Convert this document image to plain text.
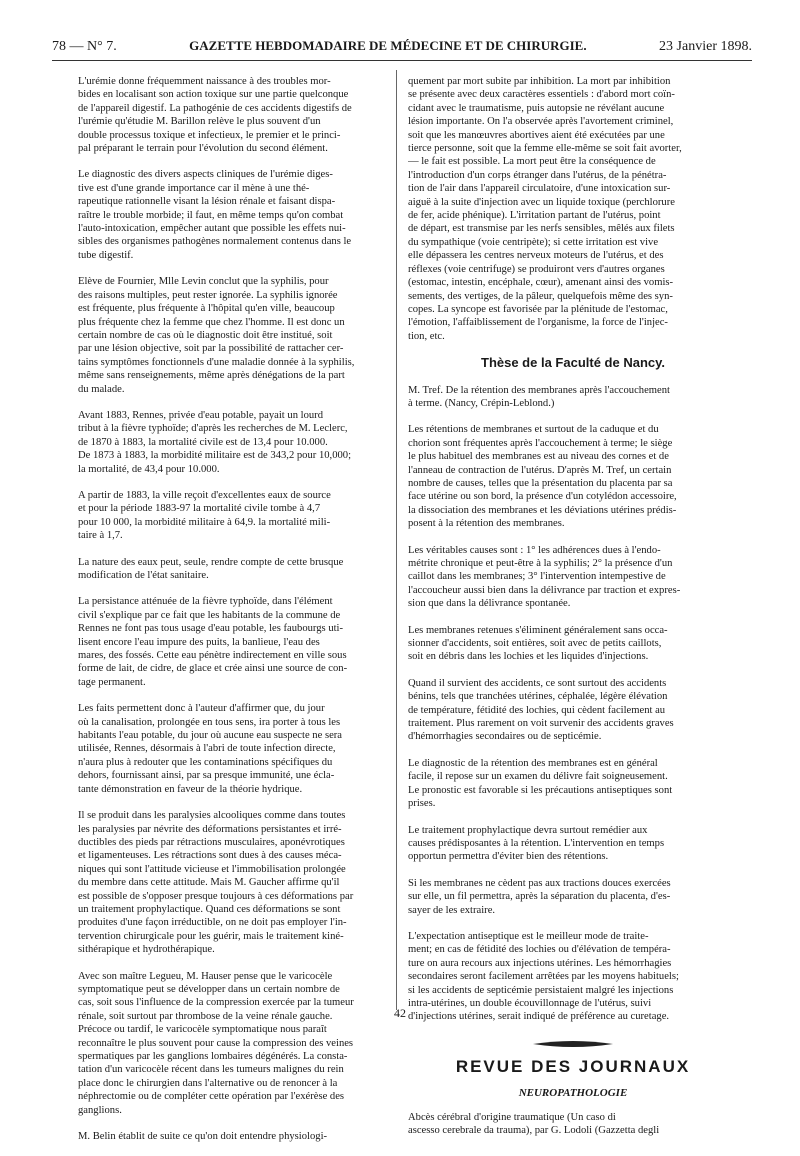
78 — N° 7.	GAZETTE HEBDOMADAIRE DE MÉDECINE ET DE CHIRURGIE.	23 Janvier 1898.
L'urémie donne fréquemment naissance à des troubles mor-
bides en localisant son action toxique sur une partie quelconque
de l'appareil digestif. La pathogénie de ces accidents digestifs de
l'urémie qu'étudie M. Barillon relève le plus souvent d'un
double processus toxique et infectieux, le premier et le princi-
pal préparant le terrain pour l'évolution du second élément.
Le diagnostic des divers aspects cliniques de l'urémie diges-
tive est d'une grande importance car il mène à une thé-
rapeutique rationnelle visant la lésion rénale et faisant dispa-
raître le trouble morbide; il faut, en même temps qu'on combat
l'auto-intoxication, empêcher autant que possible les effets nui-
sibles des organismes pathogènes normalement contenus dans le
tube digestif.
Elève de Fournier, Mlle Levin conclut que la syphilis, pour
des raisons multiples, peut rester ignorée. La syphilis ignorée
est fréquente, plus fréquente à l'hôpital qu'en ville, beaucoup
plus fréquente chez la femme que chez l'homme. Il est donc un
certain nombre de cas où le diagnostic doit être institué, soit
par une lésion objective, soit par la possibilité de rattacher cer-
tains symptômes fonctionnels d'une maladie donnée à la syphilis,
même sans renseignements, même après dénégations de la part
du malade.
Avant 1883, Rennes, privée d'eau potable, payait un lourd
tribut à la fièvre typhoïde; d'après les recherches de M. Leclerc,
de 1870 à 1883, la mortalité civile est de 13,4 pour 10.000.
De 1873 à 1883, la morbidité militaire est de 343,2 pour 10,000;
la mortalité, de 43,4 pour 10.000.
A partir de 1883, la ville reçoit d'excellentes eaux de source
et pour la période 1883-97 la mortalité civile tombe à 4,7
pour 10 000, la morbidité militaire à 64,9. la mortalité mili-
taire à 1,7.
La nature des eaux peut, seule, rendre compte de cette brusque
modification de l'état sanitaire.
La persistance atténuée de la fièvre typhoïde, dans l'élément
civil s'explique par ce fait que les habitants de la commune de
Rennes ne font pas tous usage d'eau potable, les faubourgs uti-
lisent encore l'eau impure des puits, la banlieue, l'eau des
mares, des fossés. Cette eau pénètre indirectement en ville sous
forme de lait, de cidre, de glace et crée ainsi une source de con-
tage permanent.
Les faits permettent donc à l'auteur d'affirmer que, du jour
où la canalisation, prolongée en tous sens, ira porter à tous les
habitants l'eau potable, du jour où aucune eau suspecte ne sera
utilisée, Rennes, désormais à l'abri de toute infection directe,
n'aura plus à redouter que les contaminations spécifiques du
dehors, fournissant ainsi, par sa presque immunité, une écla-
tante démonstration en faveur de la théorie hydrique.
Il se produit dans les paralysies alcooliques comme dans toutes
les paralysies par névrite des déformations persistantes et irré-
ductibles des pieds par rétractions musculaires, aponévrotiques
et ligamenteuses. Les rétractions sont dues à des causes méca-
niques qui sont l'attitude vicieuse et l'immobilisation prolongée
du membre dans cette attitude. Mais M. Gaucher affirme qu'il
est possible de s'opposer presque toujours à ces déformations par
un traitement prophylactique. Quand ces déformations se sont
produites d'une façon irréductible, on ne doit pas employer l'in-
tervention chirurgicale pour les guérir, mais le traitement kiné-
sithérapique et hydrothérapique.
Avec son maître Legueu, M. Hauser pense que le varicocèle
symptomatique peut se développer dans un certain nombre de
cas, soit sous l'influence de la compression exercée par la tumeur
rénale, soit surtout par thrombose de la veine rénale gauche.
Précoce ou tardif, le varicocèle symptomatique nous paraît
reconnaître le plus souvent pour cause la compression des veines
spermatiques par les ganglions lombaires dégénérés. La consta-
tation d'un varicocèle récent dans les tumeurs malignes du rein
place donc le chirurgien dans l'alternative ou de renoncer à la
néphrectomie ou de compléter cette opération par l'exérèse des
ganglions.
M. Belin établit de suite ce qu'on doit entendre physiologi-
quement par mort subite par inhibition. La mort par inhibition
se présente avec deux caractères essentiels : d'abord mort coïn-
cidant avec le traumatisme, puis autopsie ne révélant aucune
lésion importante. On l'a observée après l'avortement criminel,
soit que les manœuvres abortives aient été exécutées par une
tierce personne, soit que la femme elle-même se soit fait avorter,
— le fait est possible. La mort peut être la conséquence de
l'introduction d'un corps étranger dans l'utérus, de la pénétra-
tion de l'air dans l'appareil circulatoire, d'une intoxication sur-
aiguë à la suite d'injection avec un liquide toxique (perchlorure
de fer, acide phénique). L'irritation partant de l'utérus, point
de départ, est transmise par les nerfs sensibles, mêlés aux filets
du sympathique (voie centripète); si cette irritation est vive
elle dépassera les centres nerveux moteurs de l'utérus, et des
réflexes (voie centrifuge) se produiront vers d'autres organes
(estomac, intestin, encéphale, cœur), amenant ainsi des vomis-
sements, des vertiges, de la pâleur, quelquefois même des syn-
copes. La syncope est favorisée par la plénitude de l'estomac,
l'émotion, l'affaiblissement de l'organisme, la force de l'injec-
tion, etc.
Thèse de la Faculté de Nancy.
M. Tref. De la rétention des membranes après l'accouchement
à terme. (Nancy, Crépin-Leblond.)
Les rétentions de membranes et surtout de la caduque et du
chorion sont fréquentes après l'accouchement à terme; le siège
le plus habituel des membranes est au niveau des cornes et de
l'anneau de contraction de l'utérus. D'après M. Tref, un certain
nombre de causes, telles que la présentation du placenta par sa
face utérine ou son bord, la présence d'un cotylédon accessoire,
la dissociation des membranes et les déviations utérines prédis-
posent à la rétention des membranes.
Les véritables causes sont : 1° les adhérences dues à l'endo-
métrite chronique et peut-être à la syphilis; 2° la présence d'un
caillot dans les membranes; 3° l'intervention intempestive de
l'accoucheur aussi bien dans la délivrance par traction et expres-
sion que dans la délivrance spontanée.
Les membranes retenues s'éliminent généralement sans occa-
sionner d'accidents, soit entières, soit avec de petits caillots,
soit en débris dans les lochies et les liquides d'injections.
Quand il survient des accidents, ce sont surtout des accidents
bénins, tels que tranchées utérines, céphalée, légère élévation
de température, fétidité des lochies, qui cèdent facilement au
traitement. Plus rarement on voit survenir des accidents graves
d'hémorrhagies secondaires ou de septicémie.
Le diagnostic de la rétention des membranes est en général
facile, il repose sur un examen du délivre fait soigneusement.
Le pronostic est favorable si les précautions antiseptiques sont
prises.
Le traitement prophylactique devra surtout remédier aux
causes prédisposantes à la rétention. L'intervention en temps
opportun permettra d'éviter bien des rétentions.
Si les membranes ne cèdent pas aux tractions douces exercées
sur elle, un fil permettra, après la séparation du placenta, d'es-
sayer de les extraire.
L'expectation antiseptique est le meilleur mode de traite-
ment; en cas de fétidité des lochies ou d'élévation de tempéra-
ture on aura recours aux injections utérines. Les hémorrhagies
secondaires seront facilement arrêtées par les moyens habituels;
si les accidents de septicémie persistaient malgré les injections
intra-utérines, un double écouvillonnage de l'utérus, suivi
d'injections utérines, serait indiqué de préférence au curetage.
REVUE DES JOURNAUX
NEUROPATHOLOGIE
Abcès cérébral d'origine traumatique (Un caso di
ascesso cerebrale da trauma), par G. Lodoli (Gazzetta degli
42
